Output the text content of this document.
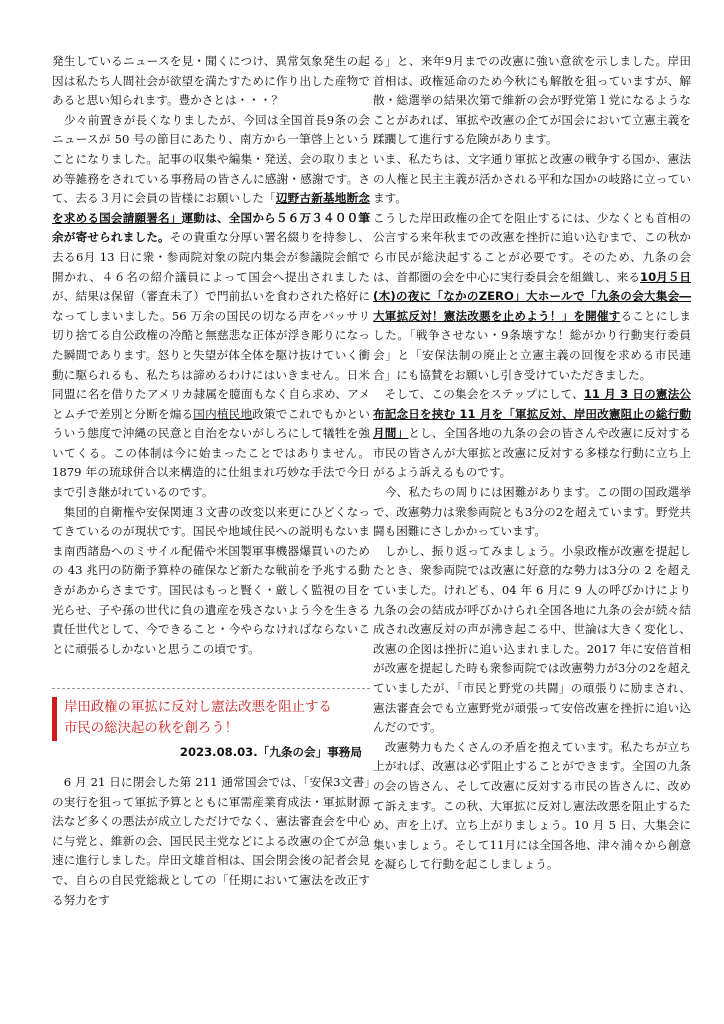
発生しているニュースを見・聞くにつけ、異常気象発生の起因は私たち人間社会が欲望を満たすために作り出した産物であると思い知られます。豊かさとは・・・？

　少々前置きが長くなりましたが、今回は全国首長9条の会ニュースが 50 号の節目にあたり、南方から一筆啓上ということになりました。記事の収集や編集・発送、会の取りまとめ等雑務をされている事務局の皆さんに感謝・感謝です。さて、去る３月に会員の皆様にお願いした「辺野古新基地断念を求める国会請願署名」運動は、全国から５６万３４００筆余が寄せられました。その貴重な分厚い署名綴りを持参し、去る6月 13 日に衆・参両院対象の院内集会が参議院会館で開かれ、４６名の紹介議員によって国会へ提出されましたが、結果は保留（審査未了）で門前払いを食わされた格好になってしまいました。56 万余の国民の切なる声をバッサリ切り捨てる自公政権の冷酷と無慈悲な正体が浮き彫りになった瞬間であります。怒りと失望が体全体を駆け抜けていく衝動に駆られるも、私たちは諦めるわけにはいきません。日米同盟に名を借りたアメリカ隷属を臆面もなく自ら求め、アメとムチで差別と分断を煽る国内植民地政策でこれでもかといういう態度で沖縄の民意と自治をないがしろにして犠牲を強いてくる。この体制は今に始まったことではありません。1879 年の琉球併合以来構造的に仕組まれ巧妙な手法で今日まで引き継がれているのです。

　集団的自衛権や安保関連３文書の改変以来更にひどくなってきているのが現状です。国民や地域住民への説明もないまま南西諸島へのミサイル配備や米国製軍事機器爆買いのための 43 兆円の防衛予算枠の確保など新たな戦前を予兆する動きがあからさまです。国民はもっと賢く・厳しく監視の目を光らせ、子や孫の世代に負の遺産を残さないよう今を生きる責任世代として、今できること・今やらなければならないことに頑張るしかないと思うこの頃です。

岸田政権の軍拡に反対し憲法改悪を阻止する
市民の総決起の秋を創ろう！
2023.08.03.「九条の会」事務局

　6 月 21 日に閉会した第 211 通常国会では、「安保3文書」の実行を狙って軍拡予算とともに軍需産業育成法・軍拡財源法など多くの悪法が成立しただけでなく、憲法審査会を中心に与党と、維新の会、国民民主党などによる改憲の企てが急速に進行しました。岸田文雄首相は、国会閉会後の記者会見で、自らの自民党総裁としての「任期において憲法を改正する努力をす

る」と、来年9月までの改憲に強い意欲を示しました。岸田首相は、政権延命のため今秋にも解散を狙っていますが、解散・総選挙の結果次第で維新の会が野党第１党になるようなことがあれば、軍拡や改憲の企てが国会において立憲主義を蹂躙して進行する危険があります。

いま、私たちは、文字通り軍拡と改憲の戦争する国か、憲法の人権と民主主義が活かされる平和な国かの岐路に立っています。

こうした岸田政権の企てを阻止するには、少なくとも首相の公言する来年秋までの改憲を挫折に追い込むまで、この秋から市民が総決起することが必要です。そのため、九条の会は、首都圏の会を中心に実行委員会を組織し、来る10月５日(木)の夜に「なかのZERO」大ホールで「九条の会大集会―大軍拡反対！憲法改悪を止めよう！」を開催することにしました。「戦争させない・9条壊すな！総がかり行動実行委員会」と「安保法制の廃止と立憲主義の回復を求める市民連合」にも協賛をお願いし引き受けていただきました。

　そして、この集会をステップにして、11 月 3 日の憲法公布記念日を挟む 11 月を「軍拡反対、岸田改憲阻止の総行動月間」とし、全国各地の九条の会の皆さんや改憲に反対する市民の皆さんが大軍拡と改憲に反対する多様な行動に立ち上がるよう訴えるものです。

　今、私たちの周りには困難があります。この間の国政選挙で、改憲勢力は衆参両院とも3分の2を超えています。野党共闘も困難にさしかかっています。

　しかし、振り返ってみましょう。小泉政権が改憲を提起したとき、衆参両院では改憲に好意的な勢力は3分の 2 を超えていました。けれども、04 年 6 月に 9 人の呼びかけにより九条の会の結成が呼びかけられ全国各地に九条の会が続々結成され改憲反対の声が沸き起こる中、世論は大きく変化し、改憲の企図は挫折に追い込まれました。2017 年に安倍首相が改憲を提起した時も衆参両院では改憲勢力が3分の2を超えていましたが、「市民と野党の共闘」の頑張りに励まされ、憲法審査会でも立憲野党が頑張って安倍改憲を挫折に追い込んだのです。

　改憲勢力もたくさんの矛盾を抱えています。私たちが立ち上がれば、改憲は必ず阻止することができます。全国の九条の会の皆さん、そして改憲に反対する市民の皆さんに、改めて訴えます。この秋、大軍拡に反対し憲法改悪を阻止するため、声を上げ、立ち上がりましょう。10 月 5 日、大集会に集いましょう。そして11月には全国各地、津々浦々から創意を凝らして行動を起こしましょう。
